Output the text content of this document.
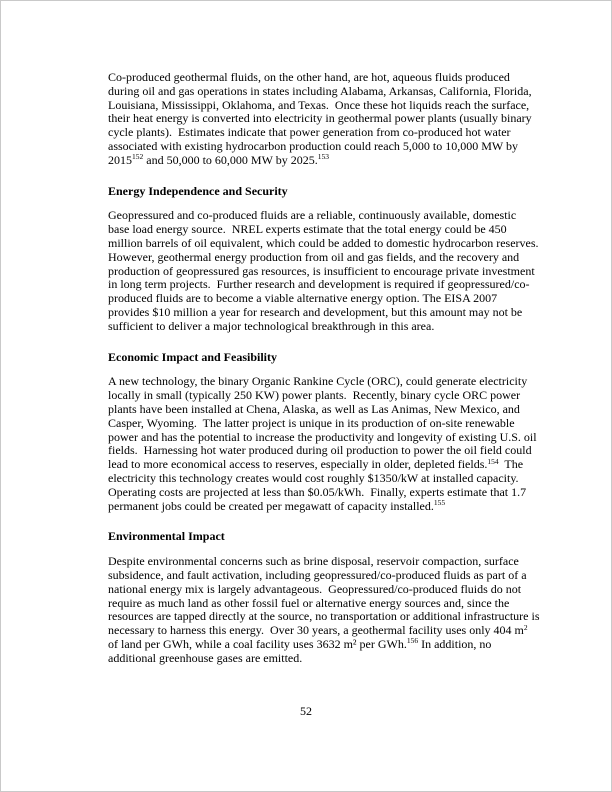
Co-produced geothermal fluids, on the other hand, are hot, aqueous fluids produced
during oil and gas operations in states including Alabama, Arkansas, California, Florida,
Louisiana, Mississippi, Oklahoma, and Texas.  Once these hot liquids reach the surface,
their heat energy is converted into electricity in geothermal power plants (usually binary
cycle plants).  Estimates indicate that power generation from co-produced hot water
associated with existing hydrocarbon production could reach 5,000 to 10,000 MW by
2015$^{152}$ and 50,000 to 60,000 MW by 2025.$^{153}$
Energy Independence and Security
Geopressured and co-produced fluids are a reliable, continuously available, domestic
base load energy source.  NREL experts estimate that the total energy could be 450
million barrels of oil equivalent, which could be added to domestic hydrocarbon reserves.
However, geothermal energy production from oil and gas fields, and the recovery and
production of geopressured gas resources, is insufficient to encourage private investment
in long term projects.  Further research and development is required if geopressured/co-
produced fluids are to become a viable alternative energy option. The EISA 2007
provides $10 million a year for research and development, but this amount may not be
sufficient to deliver a major technological breakthrough in this area.
Economic Impact and Feasibility
A new technology, the binary Organic Rankine Cycle (ORC), could generate electricity
locally in small (typically 250 KW) power plants.  Recently, binary cycle ORC power
plants have been installed at Chena, Alaska, as well as Las Animas, New Mexico, and
Casper, Wyoming.  The latter project is unique in its production of on-site renewable
power and has the potential to increase the productivity and longevity of existing U.S. oil
fields.  Harnessing hot water produced during oil production to power the oil field could
lead to more economical access to reserves, especially in older, depleted fields.$^{154}$  The
electricity this technology creates would cost roughly $1350/kW at installed capacity.
Operating costs are projected at less than $0.05/kWh.  Finally, experts estimate that 1.7
permanent jobs could be created per megawatt of capacity installed.$^{155}$
Environmental Impact
Despite environmental concerns such as brine disposal, reservoir compaction, surface
subsidence, and fault activation, including geopressured/co-produced fluids as part of a
national energy mix is largely advantageous.  Geopressured/co-produced fluids do not
require as much land as other fossil fuel or alternative energy sources and, since the
resources are tapped directly at the source, no transportation or additional infrastructure is
necessary to harness this energy.  Over 30 years, a geothermal facility uses only 404 m$^2$
of land per GWh, while a coal facility uses 3632 m² per GWh.$^{156}$ In addition, no
additional greenhouse gases are emitted.
52
